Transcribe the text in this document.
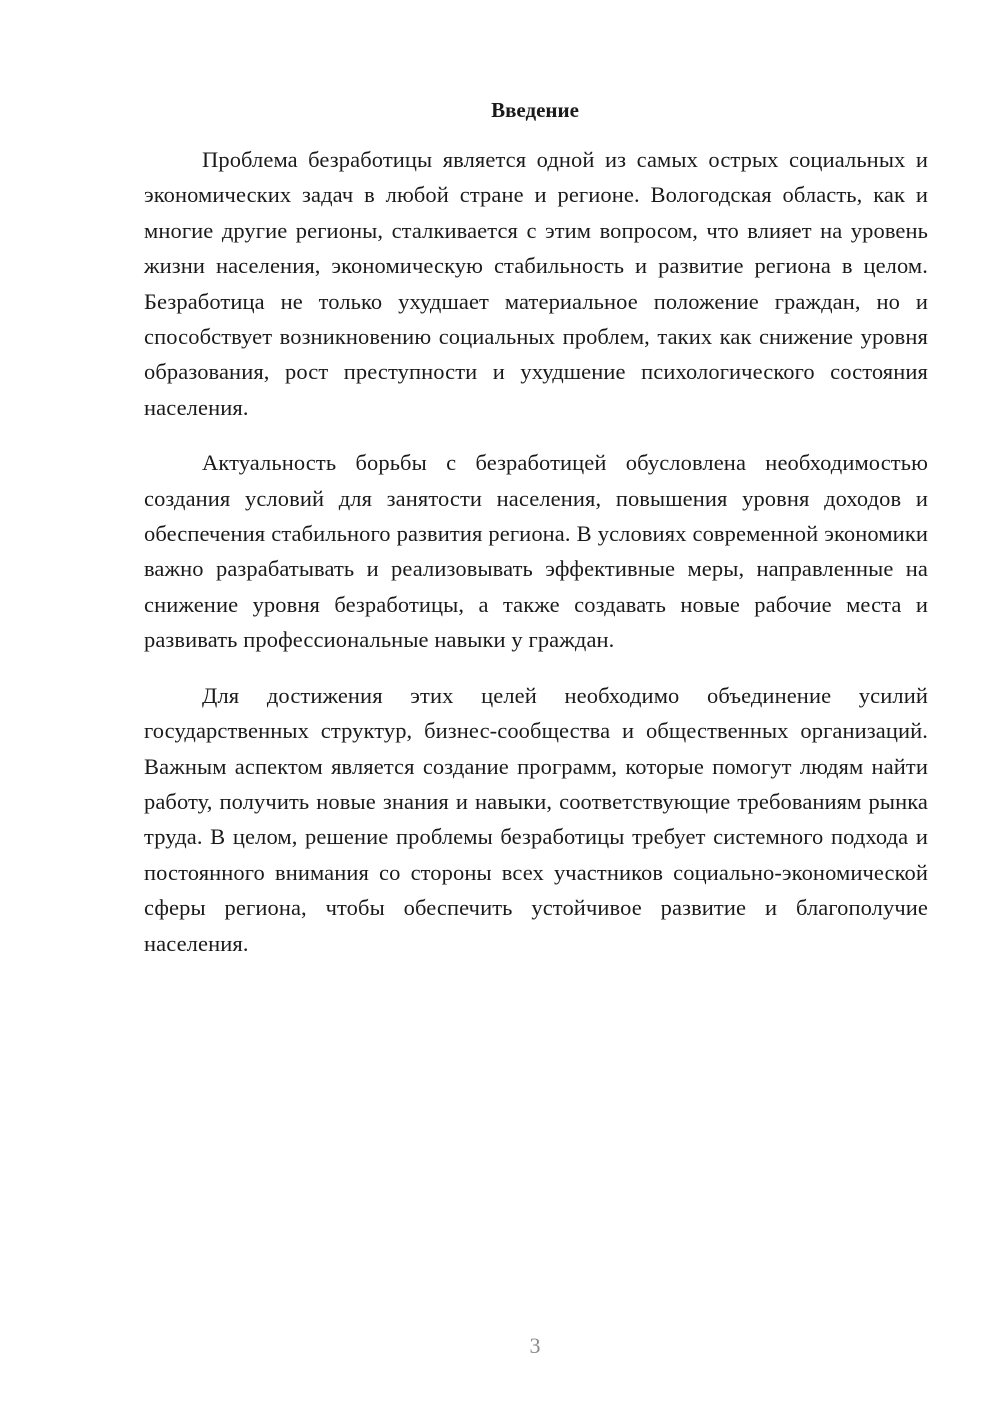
Введение

Проблема безработицы является одной из самых острых социальных и экономических задач в любой стране и регионе. Вологодская область, как и многие другие регионы, сталкивается с этим вопросом, что влияет на уровень жизни населения, экономическую стабильность и развитие региона в целом. Безработица не только ухудшает материальное положение граждан, но и способствует возникновению социальных проблем, таких как снижение уровня образования, рост преступности и ухудшение психологического состояния населения.

Актуальность борьбы с безработицей обусловлена необходимостью создания условий для занятости населения, повышения уровня доходов и обеспечения стабильного развития региона. В условиях современной экономики важно разрабатывать и реализовывать эффективные меры, направленные на снижение уровня безработицы, а также создавать новые рабочие места и развивать профессиональные навыки у граждан.

Для достижения этих целей необходимо объединение усилий государственных структур, бизнес-сообщества и общественных организаций. Важным аспектом является создание программ, которые помогут людям найти работу, получить новые знания и навыки, соответствующие требованиям рынка труда. В целом, решение проблемы безработицы требует системного подхода и постоянного внимания со стороны всех участников социально-экономической сферы региона, чтобы обеспечить устойчивое развитие и благополучие населения.

3
